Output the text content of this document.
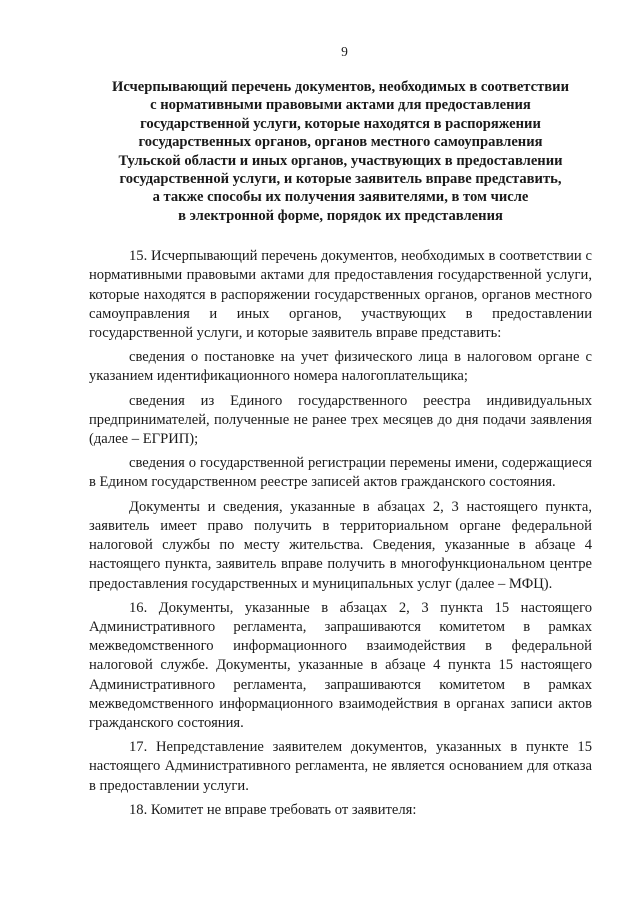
9
Исчерпывающий перечень документов, необходимых в соответствии
с нормативными правовыми актами для предоставления
государственной услуги, которые находятся в распоряжении
государственных органов, органов местного самоуправления
Тульской области и иных органов, участвующих в предоставлении
государственной услуги, и которые заявитель вправе представить,
а также способы их получения заявителями, в том числе
в электронной форме, порядок их представления

15. Исчерпывающий перечень документов, необходимых в соответствии с нормативными правовыми актами для предоставления государственной услуги, которые находятся в распоряжении государственных органов, органов местного самоуправления и иных органов, участвующих в предоставлении государственной услуги, и которые заявитель вправе представить:

сведения о постановке на учет физического лица в налоговом органе с указанием идентификационного номера налогоплательщика;

сведения из Единого государственного реестра индивидуальных предпринимателей, полученные не ранее трех месяцев до дня подачи заявления (далее – ЕГРИП);

сведения о государственной регистрации перемены имени, содержащиеся в Едином государственном реестре записей актов гражданского состояния.

Документы и сведения, указанные в абзацах 2, 3 настоящего пункта, заявитель имеет право получить в территориальном органе федеральной налоговой службы по месту жительства. Сведения, указанные в абзаце 4 настоящего пункта, заявитель вправе получить в многофункциональном центре предоставления государственных и муниципальных услуг (далее – МФЦ).

16. Документы, указанные в абзацах 2, 3 пункта 15 настоящего Административного регламента, запрашиваются комитетом в рамках межведомственного информационного взаимодействия в федеральной налоговой службе. Документы, указанные в абзаце 4 пункта 15 настоящего Административного регламента, запрашиваются комитетом в рамках межведомственного информационного взаимодействия в органах записи актов гражданского состояния.

17. Непредставление заявителем документов, указанных в пункте 15 настоящего Административного регламента, не является основанием для отказа в предоставлении услуги.

18. Комитет не вправе требовать от заявителя:
